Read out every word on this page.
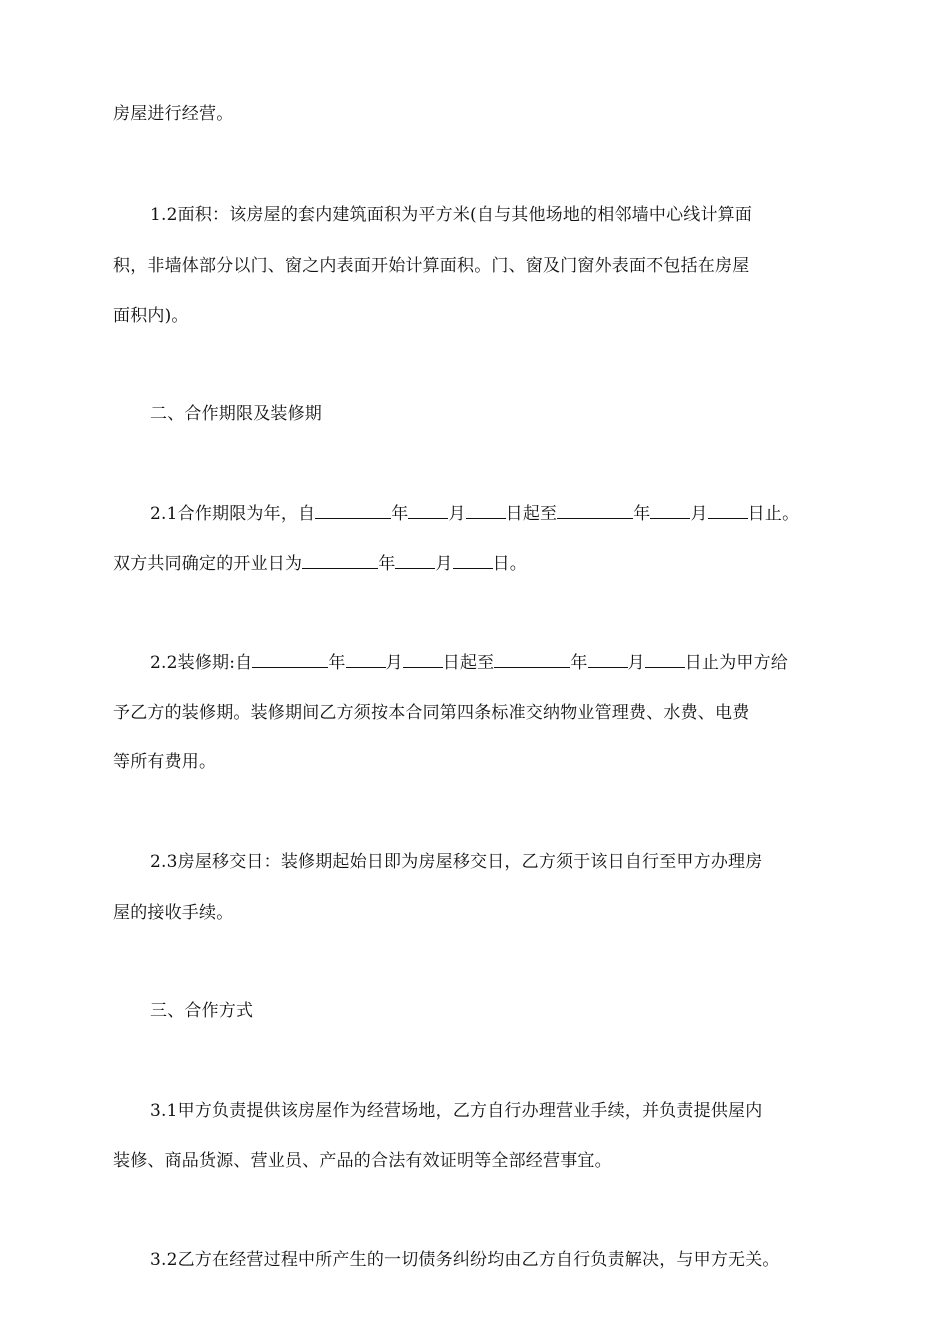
房屋进行经营。
1.2面积：该房屋的套内建筑面积为平方米(自与其他场地的相邻墙中心线计算面
积，非墙体部分以门、窗之内表面开始计算面积。门、窗及门窗外表面不包括在房屋
面积内)。
二、合作期限及装修期
2.1合作期限为年，自	年 月 日起至	年 月 日止。
双方共同确定的开业日为	年 月 日。
2.2装修期:自	年 月 日起至	年 月 日止为甲方给
予乙方的装修期。装修期间乙方须按本合同第四条标准交纳物业管理费、水费、电费
等所有费用。
2.3房屋移交日：装修期起始日即为房屋移交日，乙方须于该日自行至甲方办理房
屋的接收手续。
三、合作方式
3.1甲方负责提供该房屋作为经营场地，乙方自行办理营业手续，并负责提供屋内
装修、商品货源、营业员、产品的合法有效证明等全部经营事宜。
3.2乙方在经营过程中所产生的一切债务纠纷均由乙方自行负责解决，与甲方无关。
